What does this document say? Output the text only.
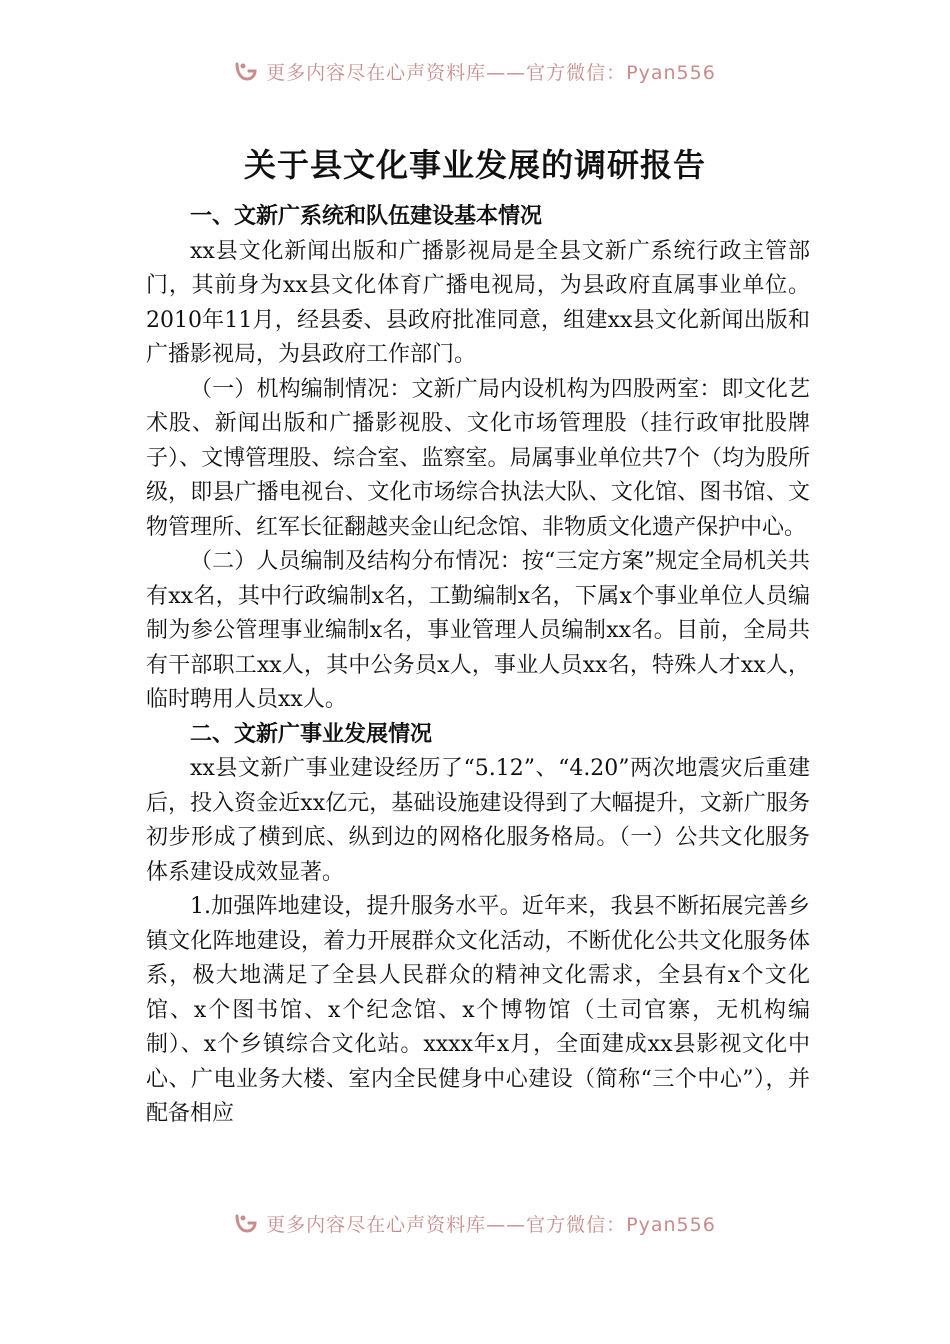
更多内容尽在心声资料库——官方微信：Pyan556
关于县文化事业发展的调研报告
一、文新广系统和队伍建设基本情况

xx县文化新闻出版和广播影视局是全县文新广系统行政主管部门，其前身为xx县文化体育广播电视局，为县政府直属事业单位。2010年11月，经县委、县政府批准同意，组建xx县文化新闻出版和广播影视局，为县政府工作部门。

（一）机构编制情况：文新广局内设机构为四股两室：即文化艺术股、新闻出版和广播影视股、文化市场管理股（挂行政审批股牌子）、文博管理股、综合室、监察室。局属事业单位共7个（均为股所级，即县广播电视台、文化市场综合执法大队、文化馆、图书馆、文物管理所、红军长征翻越夹金山纪念馆、非物质文化遗产保护中心。

（二）人员编制及结构分布情况：按“三定方案”规定全局机关共有xx名，其中行政编制x名，工勤编制x名，下属x个事业单位人员编制为参公管理事业编制x名，事业管理人员编制xx名。目前，全局共有干部职工xx人，其中公务员x人，事业人员xx名，特殊人才xx人，临时聘用人员xx人。

二、文新广事业发展情况

xx县文新广事业建设经历了“5.12”、“4.20”两次地震灾后重建后，投入资金近xx亿元，基础设施建设得到了大幅提升，文新广服务初步形成了横到底、纵到边的网格化服务格局。（一）公共文化服务体系建设成效显著。

1.加强阵地建设，提升服务水平。近年来，我县不断拓展完善乡镇文化阵地建设，着力开展群众文化活动，不断优化公共文化服务体系，极大地满足了全县人民群众的精神文化需求，全县有x个文化馆、x个图书馆、x个纪念馆、x个博物馆（土司官寨，无机构编制）、x个乡镇综合文化站。xxxx年x月，全面建成xx县影视文化中心、广电业务大楼、室内全民健身中心建设（简称“三个中心”），并配备相应

更多内容尽在心声资料库——官方微信：Pyan556
